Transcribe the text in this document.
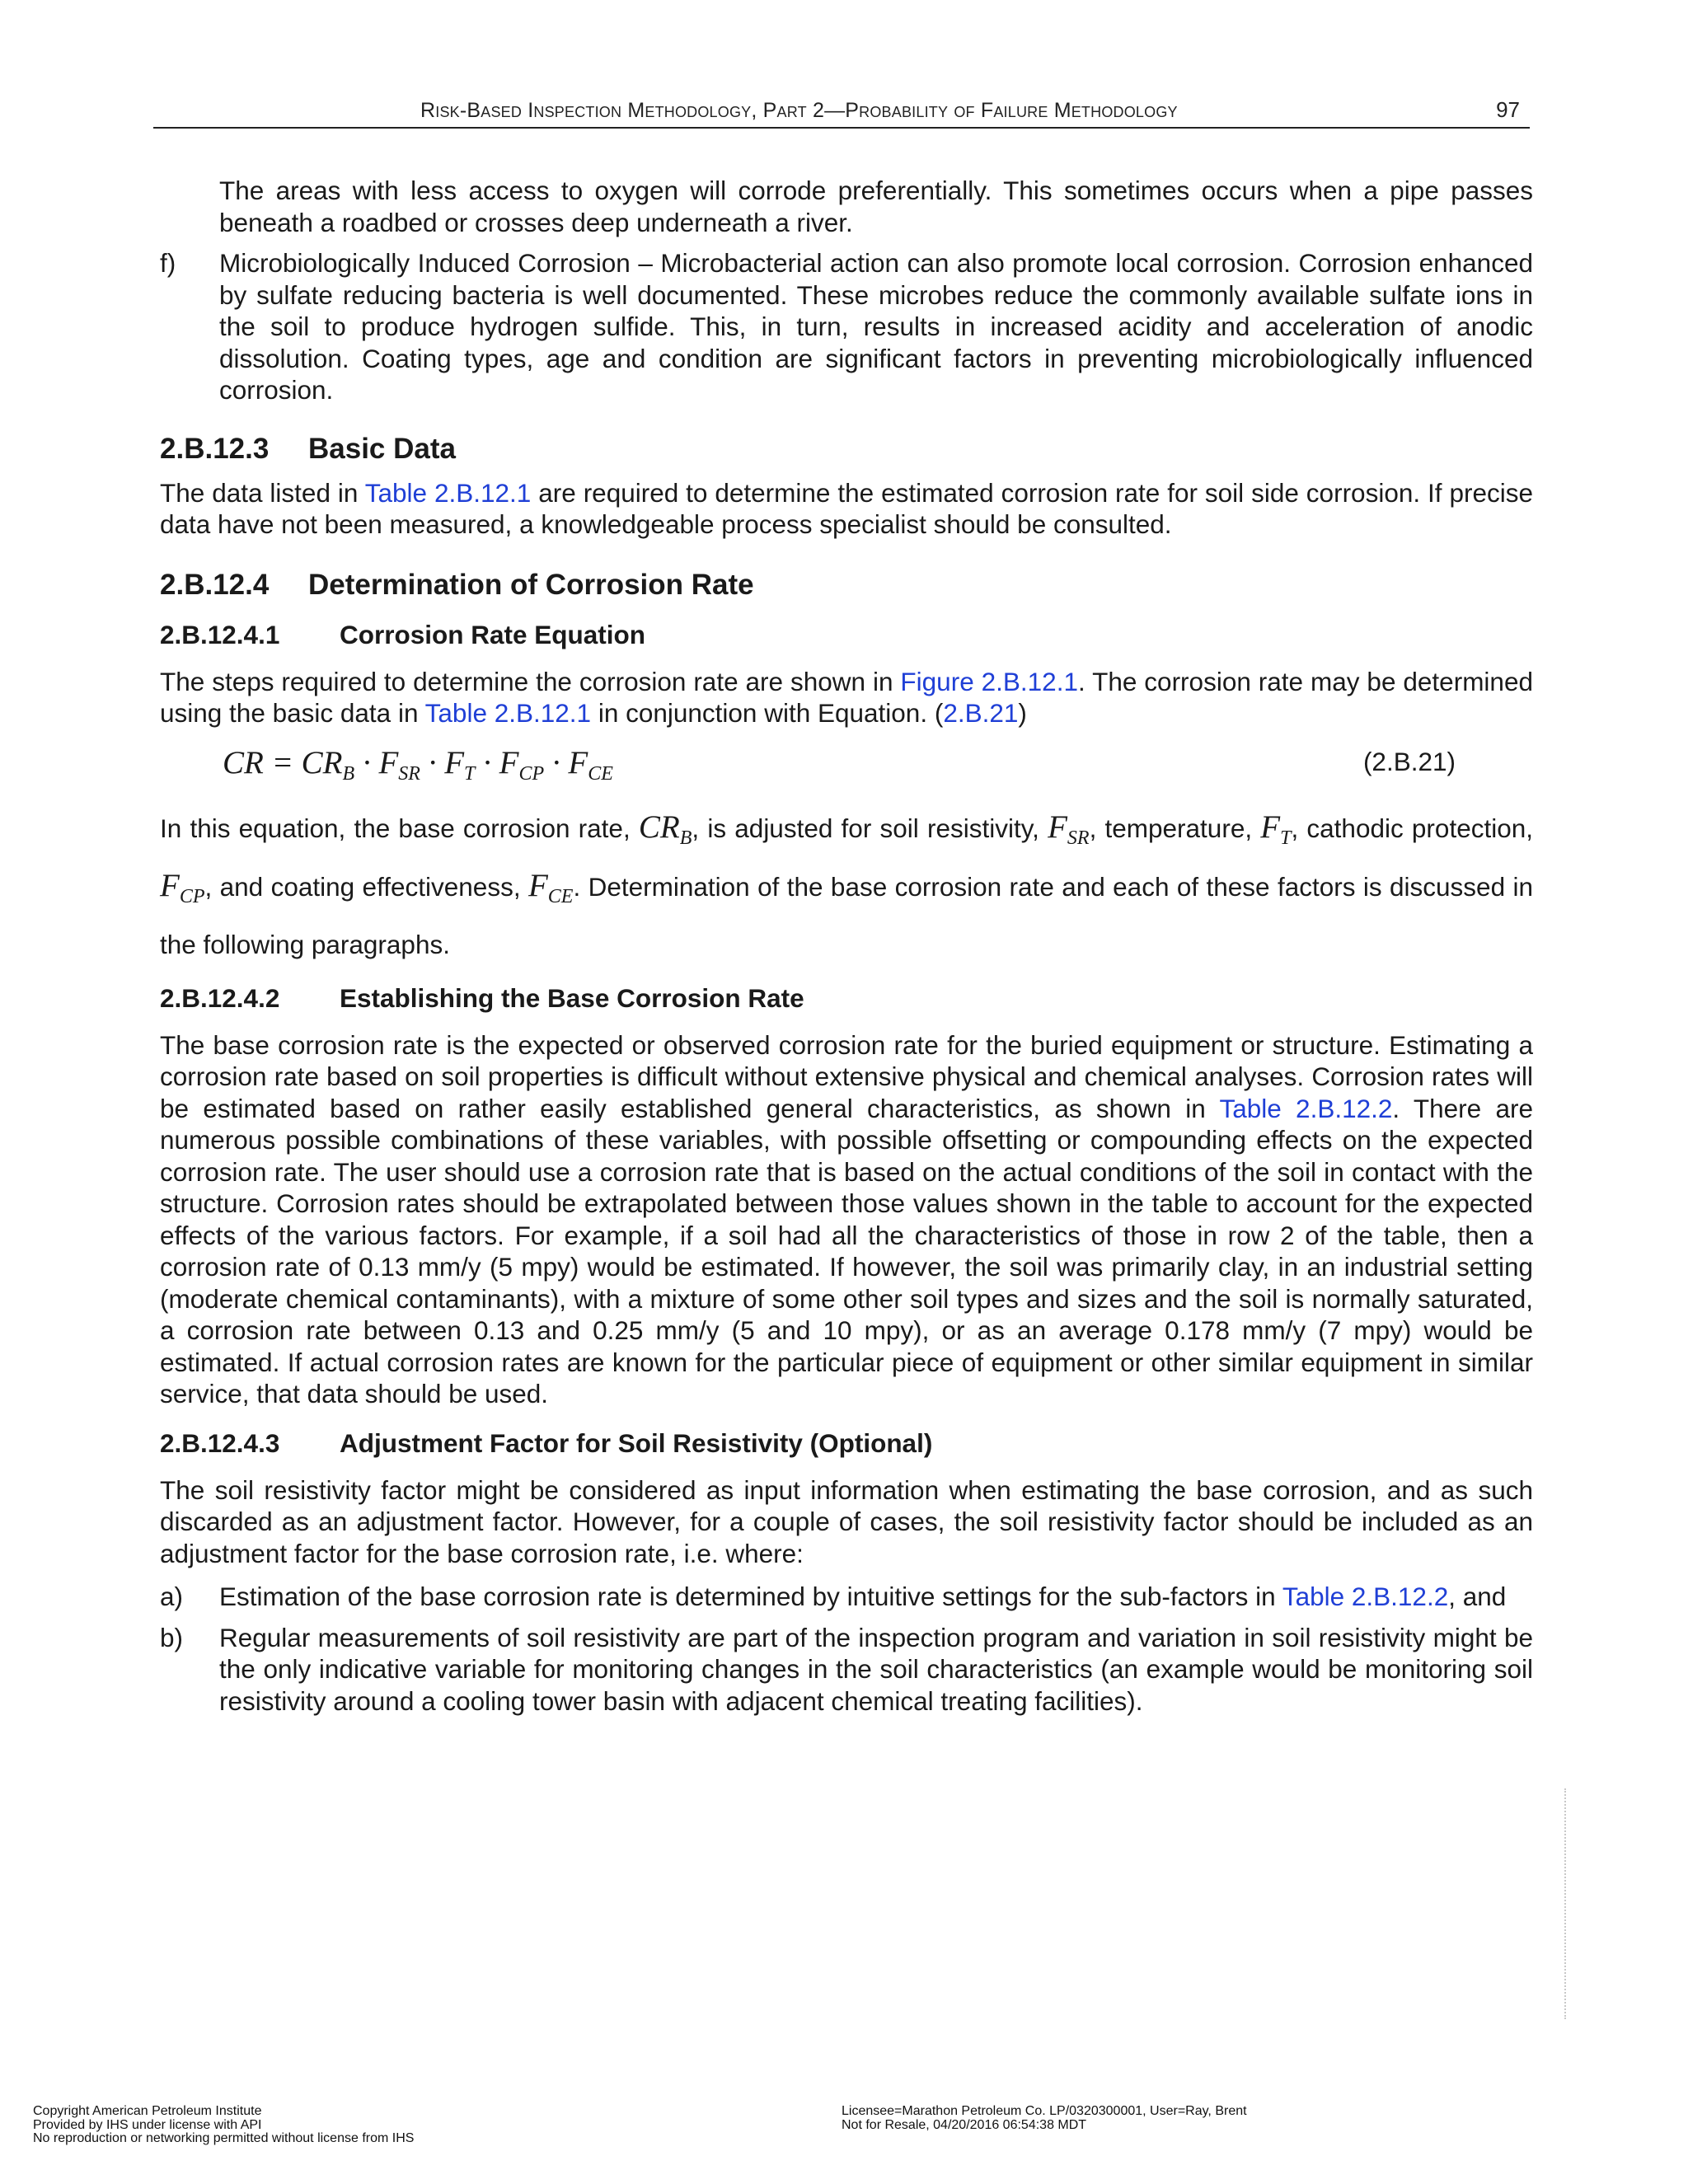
Risk-Based Inspection Methodology, Part 2—Probability of Failure Methodology	97

The areas with less access to oxygen will corrode preferentially. This sometimes occurs when a pipe passes beneath a roadbed or crosses deep underneath a river.

f) Microbiologically Induced Corrosion – Microbacterial action can also promote local corrosion. Corrosion enhanced by sulfate reducing bacteria is well documented. These microbes reduce the commonly available sulfate ions in the soil to produce hydrogen sulfide. This, in turn, results in increased acidity and acceleration of anodic dissolution. Coating types, age and condition are significant factors in preventing microbiologically influenced corrosion.
2.B.12.3	Basic Data

The data listed in Table 2.B.12.1 are required to determine the estimated corrosion rate for soil side corrosion. If precise data have not been measured, a knowledgeable process specialist should be consulted.

2.B.12.4	Determination of Corrosion Rate
2.B.12.4.1	Corrosion Rate Equation

The steps required to determine the corrosion rate are shown in Figure 2.B.12.1. The corrosion rate may be determined using the basic data in Table 2.B.12.1 in conjunction with Equation. (2.B.21)

CR = $CR_B \cdot F_{SR} \cdot F_T \cdot F_{CP} \cdot F_{CE}$	(2.B.21)

In this equation, the base corrosion rate, $CR_B$, is adjusted for soil resistivity, $F_{SR}$, temperature, $F_T$, cathodic protection, $F_{CP}$, and coating effectiveness, $F_{CE}$. Determination of the base corrosion rate and each of these factors is discussed in the following paragraphs.

2.B.12.4.2	Establishing the Base Corrosion Rate

The base corrosion rate is the expected or observed corrosion rate for the buried equipment or structure. Estimating a corrosion rate based on soil properties is difficult without extensive physical and chemical analyses. Corrosion rates will be estimated based on rather easily established general characteristics, as shown in Table 2.B.12.2. There are numerous possible combinations of these variables, with possible offsetting or compounding effects on the expected corrosion rate. The user should use a corrosion rate that is based on the actual conditions of the soil in contact with the structure. Corrosion rates should be extrapolated between those values shown in the table to account for the expected effects of the various factors. For example, if a soil had all the characteristics of those in row 2 of the table, then a corrosion rate of 0.13 mm/y (5 mpy) would be estimated. If however, the soil was primarily clay, in an industrial setting (moderate chemical contaminants), with a mixture of some other soil types and sizes and the soil is normally saturated, a corrosion rate between 0.13 and 0.25 mm/y (5 and 10 mpy), or as an average 0.178 mm/y (7 mpy) would be estimated. If actual corrosion rates are known for the particular piece of equipment or other similar equipment in similar service, that data should be used.

2.B.12.4.3	Adjustment Factor for Soil Resistivity (Optional)

The soil resistivity factor might be considered as input information when estimating the base corrosion, and as such discarded as an adjustment factor. However, for a couple of cases, the soil resistivity factor should be included as an adjustment factor for the base corrosion rate, i.e. where:

a) Estimation of the base corrosion rate is determined by intuitive settings for the sub-factors in Table 2.B.12.2, and
b) Regular measurements of soil resistivity are part of the inspection program and variation in soil resistivity might be the only indicative variable for monitoring changes in the soil characteristics (an example would be monitoring soil resistivity around a cooling tower basin with adjacent chemical treating facilities).
Copyright American Petroleum Institute
Provided by IHS under license with API
No reproduction or networking permitted without license from IHS
Licensee=Marathon Petroleum Co. LP/0320300001, User=Ray, Brent
Not for Resale, 04/20/2016 06:54:38 MDT
